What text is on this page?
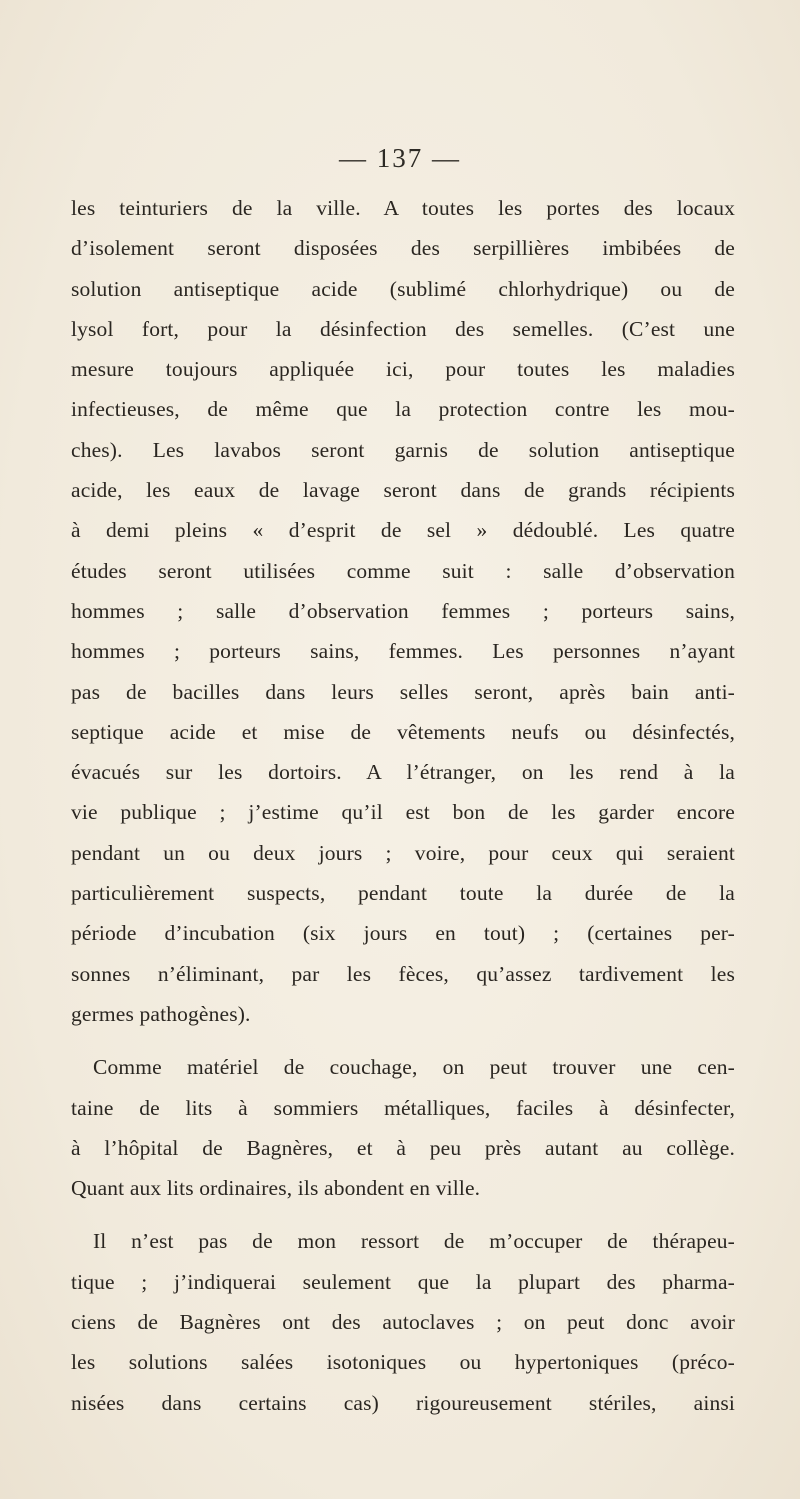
— 137 —
les teinturiers de la ville. A toutes les portes des locaux
d’isolement seront disposées des serpillières imbibées de
solution antiseptique acide (sublimé chlorhydrique) ou de
lysol fort, pour la désinfection des semelles. (C’est une
mesure toujours appliquée ici, pour toutes les maladies
infectieuses, de même que la protection contre les mou-
ches). Les lavabos seront garnis de solution antiseptique
acide, les eaux de lavage seront dans de grands récipients
à demi pleins « d’esprit de sel » dédoublé. Les quatre
études seront utilisées comme suit : salle d’observation
hommes ; salle d’observation femmes ; porteurs sains,
hommes ; porteurs sains, femmes. Les personnes n’ayant
pas de bacilles dans leurs selles seront, après bain anti-
septique acide et mise de vêtements neufs ou désinfectés,
évacués sur les dortoirs. A l’étranger, on les rend à la
vie publique ; j’estime qu’il est bon de les garder encore
pendant un ou deux jours ; voire, pour ceux qui seraient
particulièrement suspects, pendant toute la durée de la
période d’incubation (six jours en tout) ; (certaines per-
sonnes n’éliminant, par les fèces, qu’assez tardivement les
germes pathogènes).
Comme matériel de couchage, on peut trouver une cen-
taine de lits à sommiers métalliques, faciles à désinfecter,
à l’hôpital de Bagnères, et à peu près autant au collège.
Quant aux lits ordinaires, ils abondent en ville.
Il n’est pas de mon ressort de m’occuper de thérapeu-
tique ; j’indiquerai seulement que la plupart des pharma-
ciens de Bagnères ont des autoclaves ; on peut donc avoir
les solutions salées isotoniques ou hypertoniques (préco-
nisées dans certains cas) rigoureusement stériles, ainsi
